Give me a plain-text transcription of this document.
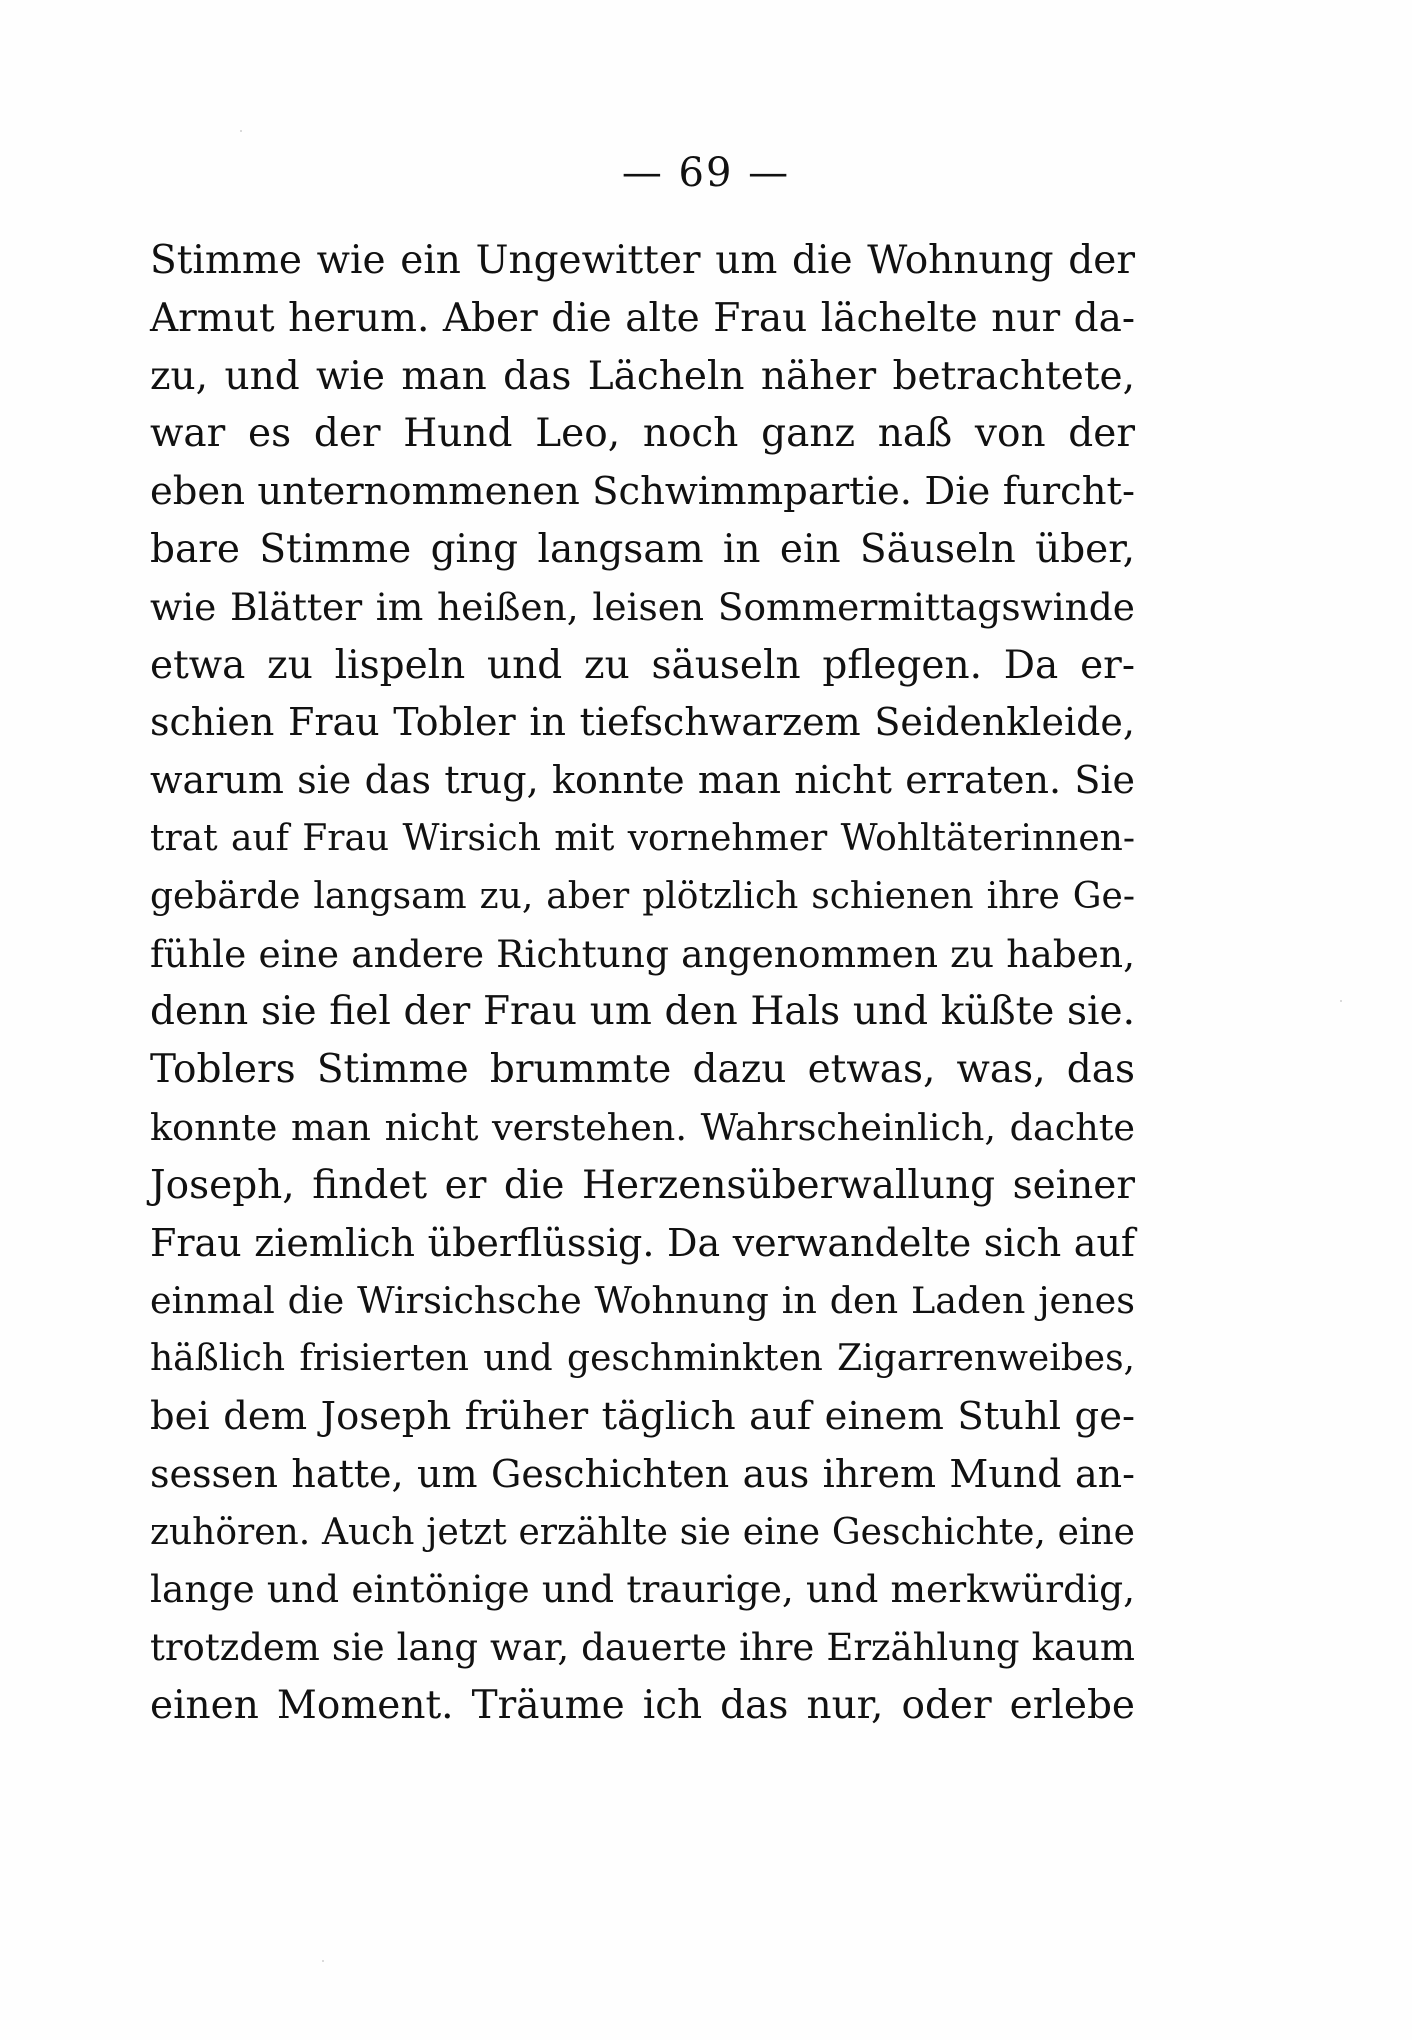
— 69 —
Stimme wie ein Ungewitter um die Wohnung der
Armut herum. Aber die alte Frau lächelte nur da-
zu, und wie man das Lächeln näher betrachtete,
war es der Hund Leo, noch ganz naß von der
eben unternommenen Schwimmpartie. Die furcht-
bare Stimme ging langsam in ein Säuseln über,
wie Blätter im heißen, leisen Sommermittagswinde
etwa zu lispeln und zu säuseln pflegen. Da er-
schien Frau Tobler in tiefschwarzem Seidenkleide,
warum sie das trug, konnte man nicht erraten. Sie
trat auf Frau Wirsich mit vornehmer Wohltäterinnen-
gebärde langsam zu, aber plötzlich schienen ihre Ge-
fühle eine andere Richtung angenommen zu haben,
denn sie fiel der Frau um den Hals und küßte sie.
Toblers Stimme brummte dazu etwas, was, das
konnte man nicht verstehen. Wahrscheinlich, dachte
Joseph, findet er die Herzensüberwallung seiner
Frau ziemlich überflüssig. Da verwandelte sich auf
einmal die Wirsichsche Wohnung in den Laden jenes
häßlich frisierten und geschminkten Zigarrenweibes,
bei dem Joseph früher täglich auf einem Stuhl ge-
sessen hatte, um Geschichten aus ihrem Mund an-
zuhören. Auch jetzt erzählte sie eine Geschichte, eine
lange und eintönige und traurige, und merkwürdig,
trotzdem sie lang war, dauerte ihre Erzählung kaum
einen Moment. Träume ich das nur, oder erlebe
